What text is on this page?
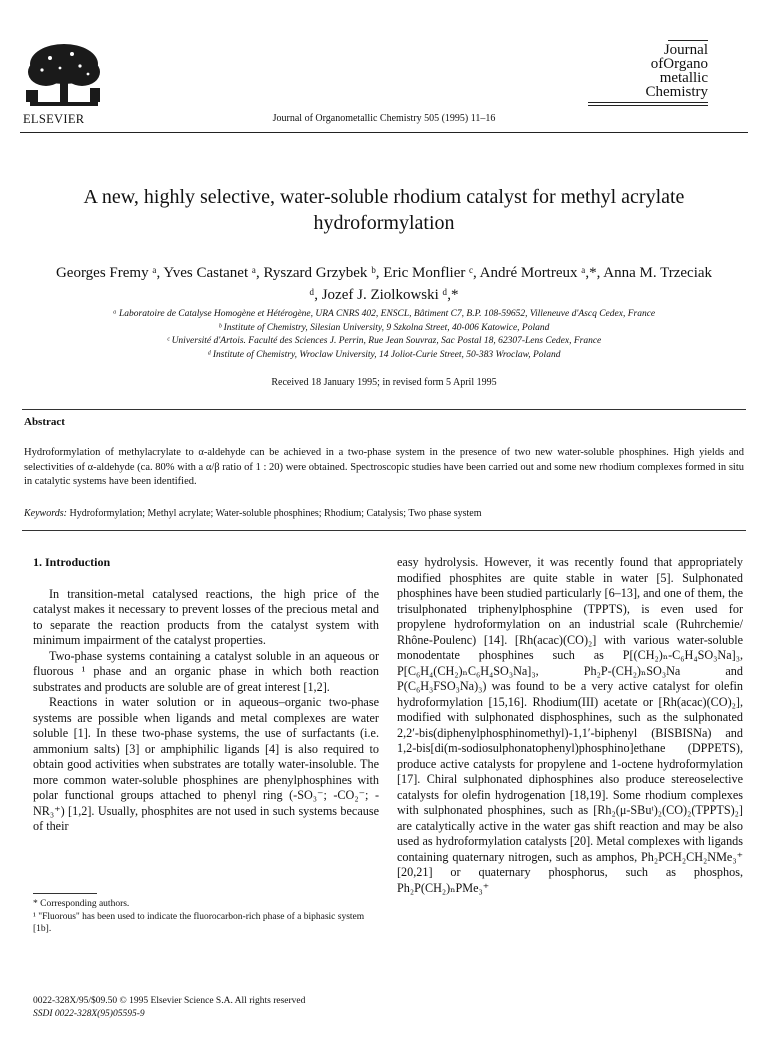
ELSEVIER	Journal of Organometallic Chemistry 505 (1995) 11–16
Journal
ofOrgano
metallic
Chemistry
A new, highly selective, water-soluble rhodium catalyst for methyl acrylate hydroformylation
Georges Fremy ᵃ, Yves Castanet ᵃ, Ryszard Grzybek ᵇ, Eric Monflier ᶜ, André Mortreux ᵃ,*, Anna M. Trzeciak ᵈ, Jozef J. Ziolkowski ᵈ,*
ᵃ Laboratoire de Catalyse Homogène et Hétérogène, URA CNRS 402, ENSCL, Bâtiment C7, B.P. 108-59652, Villeneuve d'Ascq Cedex, France
ᵇ Institute of Chemistry, Silesian University, 9 Szkolna Street, 40-006 Katowice, Poland
ᶜ Université d'Artois. Faculté des Sciences J. Perrin, Rue Jean Souvraz, Sac Postal 18, 62307-Lens Cedex, France
ᵈ Institute of Chemistry, Wroclaw University, 14 Joliot-Curie Street, 50-383 Wroclaw, Poland
Received 18 January 1995; in revised form 5 April 1995
Abstract
Hydroformylation of methylacrylate to α-aldehyde can be achieved in a two-phase system in the presence of two new water-soluble phosphines. High yields and selectivities of α-aldehyde (ca. 80% with a α/β ratio of 1 : 20) were obtained. Spectroscopic studies have been carried out and some new rhodium complexes formed in situ in catalytic systems have been identified.
Keywords: Hydroformylation; Methyl acrylate; Water-soluble phosphines; Rhodium; Catalysis; Two phase system
1. Introduction

In transition-metal catalysed reactions, the high price of the catalyst makes it necessary to prevent losses of the precious metal and to separate the reaction products from the catalyst system with minimum impairment of the catalyst properties.

Two-phase systems containing a catalyst soluble in an aqueous or fluorous ¹ phase and an organic phase in which both reaction substrates and products are soluble are of great interest [1,2].

Reactions in water solution or in aqueous–organic two-phase systems are possible when ligands and metal complexes are water soluble [1]. In these two-phase systems, the use of surfactants (i.e. ammonium salts) [3] or amphiphilic ligands [4] is also required to obtain good activities when substrates are totally water-insoluble. The more common water-soluble phosphines are phenylphosphines with polar functional groups attached to phenyl ring (-SO₃⁻; -CO₂⁻; -NR₃⁺) [1,2]. Usually, phosphites are not used in such systems because of their

easy hydrolysis. However, it was recently found that appropriately modified phosphites are quite stable in water [5]. Sulphonated phosphines have been studied particularly [6–13], and one of them, the trisulphonated triphenylphosphine (TPPTS), is even used for propylene hydroformylation on an industrial scale (Ruhrchemie/ Rhône-Poulenc) [14]. [Rh(acac)(CO)₂] with various water-soluble monodentate phosphines such as P[(CH₂)ₙ-C₆H₄SO₃Na]₃, P[C₆H₄(CH₂)ₙC₆H₄SO₃Na]₃, Ph₂P-(CH₂)ₙSO₃Na and P(C₆H₃FSO₃Na)₃) was found to be a very active catalyst for olefin hydroformylation [15,16]. Rhodium(III) acetate or [Rh(acac)(CO)₂], modified with sulphonated disphosphines, such as the sulphonated 2,2′-bis(diphenylphosphinomethyl)-1,1′-biphenyl (BISBISNa) and 1,2-bis[di(m-sodiosulphonatophenyl)phosphino]ethane (DPPETS), produce active catalysts for propylene and 1-octene hydroformylation [17]. Chiral sulphonated diphosphines also produce stereoselective catalysts for olefin hydrogenation [18,19]. Some rhodium complexes with sulphonated phosphines, such as [Rh₂(μ-SBuᵗ)₂(CO)₂(TPPTS)₂] are catalytically active in the water gas shift reaction and may be also used as hydroformylation catalysts [20]. Metal complexes with ligands containing quaternary nitrogen, such as amphos, Ph₂PCH₂CH₂NMe₃⁺ [20,21] or quaternary phosphorus, such as phosphos, Ph₂P(CH₂)ₙPMe₃⁺

* Corresponding authors.

¹ "Fluorous" has been used to indicate the fluorocarbon-rich phase of a biphasic system [1b].

0022-328X/95/$09.50 © 1995 Elsevier Science S.A. All rights reserved
SSDI 0022-328X(95)05595-9
